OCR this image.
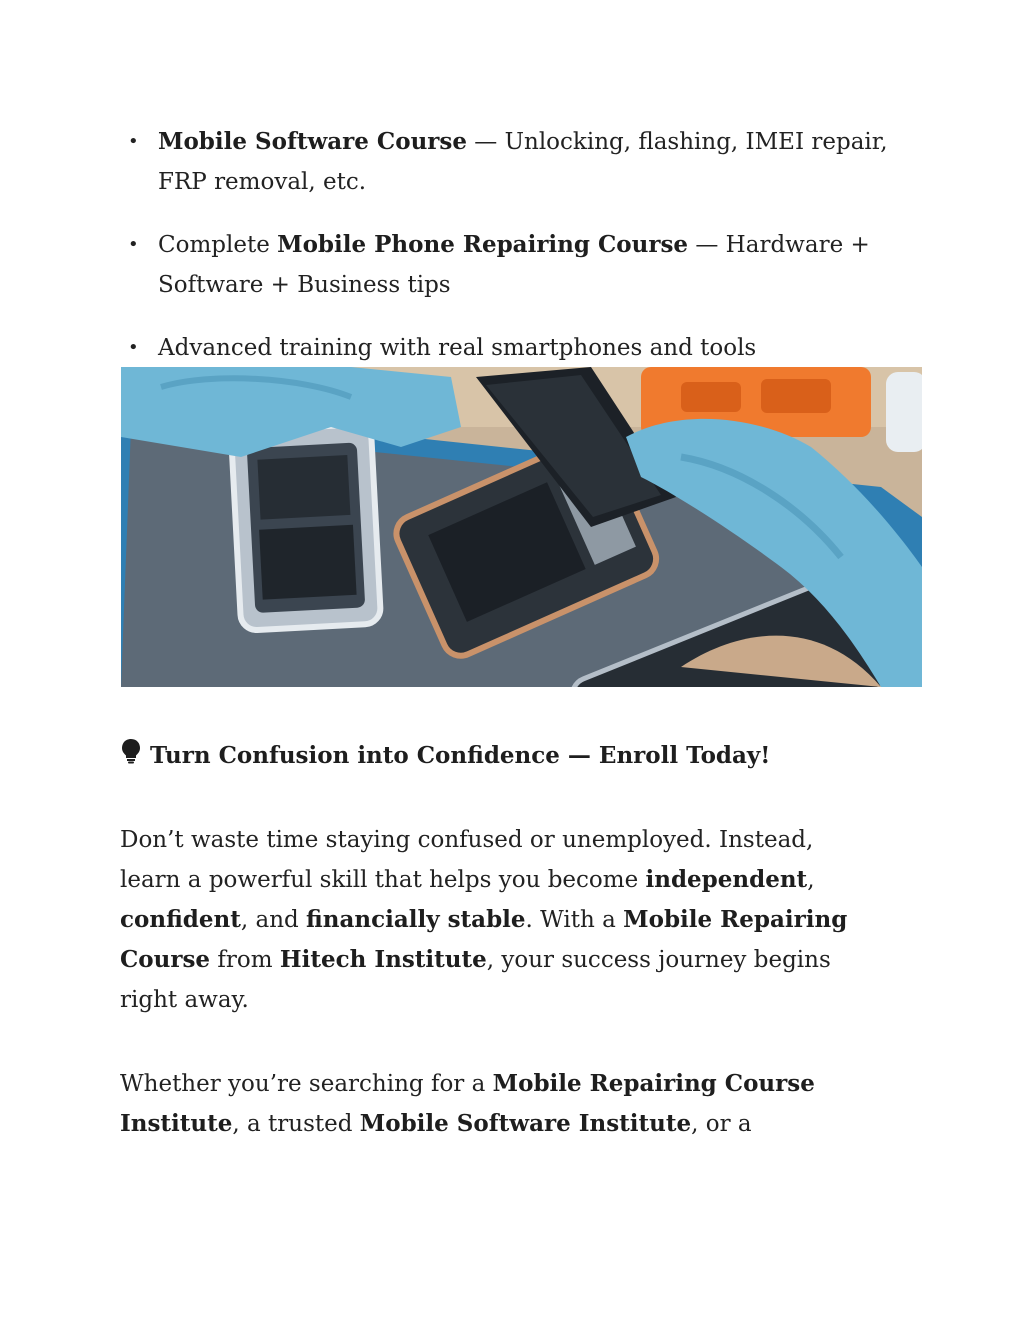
• Mobile Software Course — Unlocking, flashing, IMEI repair, FRP removal, etc.
• Complete Mobile Phone Repairing Course — Hardware + Software + Business tips
• Advanced training with real smartphones and tools
Turn Confusion into Confidence — Enroll Today!

Don’t waste time staying confused or unemployed. Instead, learn a powerful skill that helps you become independent, confident, and financially stable. With a Mobile Repairing Course from Hitech Institute, your success journey begins right away.

Whether you’re searching for a Mobile Repairing Course Institute, a trusted Mobile Software Institute, or a
